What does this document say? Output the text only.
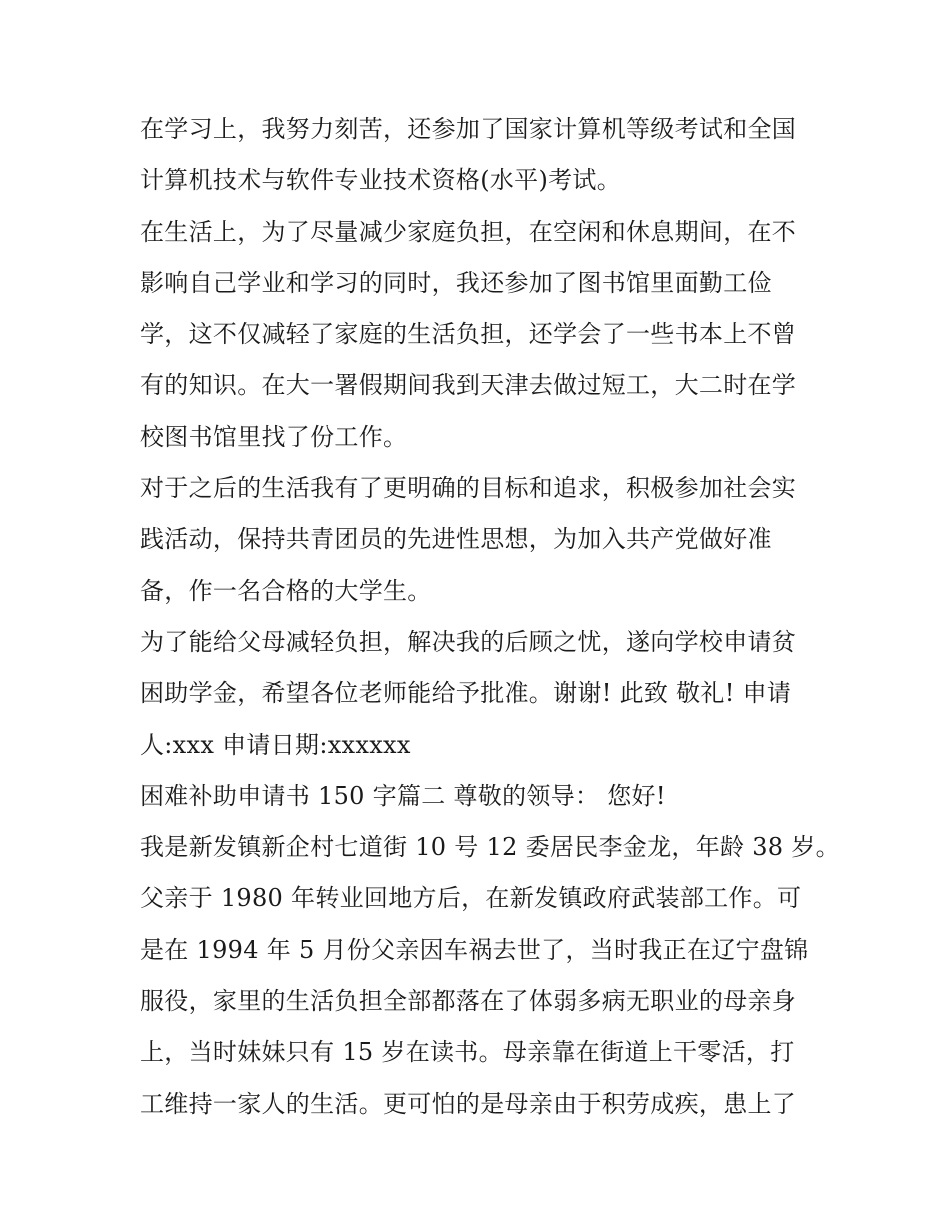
在学习上，我努力刻苦，还参加了国家计算机等级考试和全国
计算机技术与软件专业技术资格(水平)考试。
在生活上，为了尽量减少家庭负担，在空闲和休息期间，在不
影响自己学业和学习的同时，我还参加了图书馆里面勤工俭
学，这不仅减轻了家庭的生活负担，还学会了一些书本上不曾
有的知识。在大一署假期间我到天津去做过短工，大二时在学
校图书馆里找了份工作。
对于之后的生活我有了更明确的目标和追求，积极参加社会实
践活动，保持共青团员的先进性思想，为加入共产党做好准
备，作一名合格的大学生。
为了能给父母减轻负担，解决我的后顾之忧，遂向学校申请贫
困助学金，希望各位老师能给予批准。谢谢! 此致 敬礼! 申请
人:xxx 申请日期:xxxxxx
困难补助申请书 150 字篇二 尊敬的领导： 您好!
我是新发镇新企村七道街 10 号 12 委居民李金龙，年龄 38 岁。
父亲于 1980 年转业回地方后，在新发镇政府武装部工作。可
是在 1994 年 5 月份父亲因车祸去世了，当时我正在辽宁盘锦
服役，家里的生活负担全部都落在了体弱多病无职业的母亲身
上，当时妹妹只有 15 岁在读书。母亲靠在街道上干零活，打
工维持一家人的生活。更可怕的是母亲由于积劳成疾，患上了
